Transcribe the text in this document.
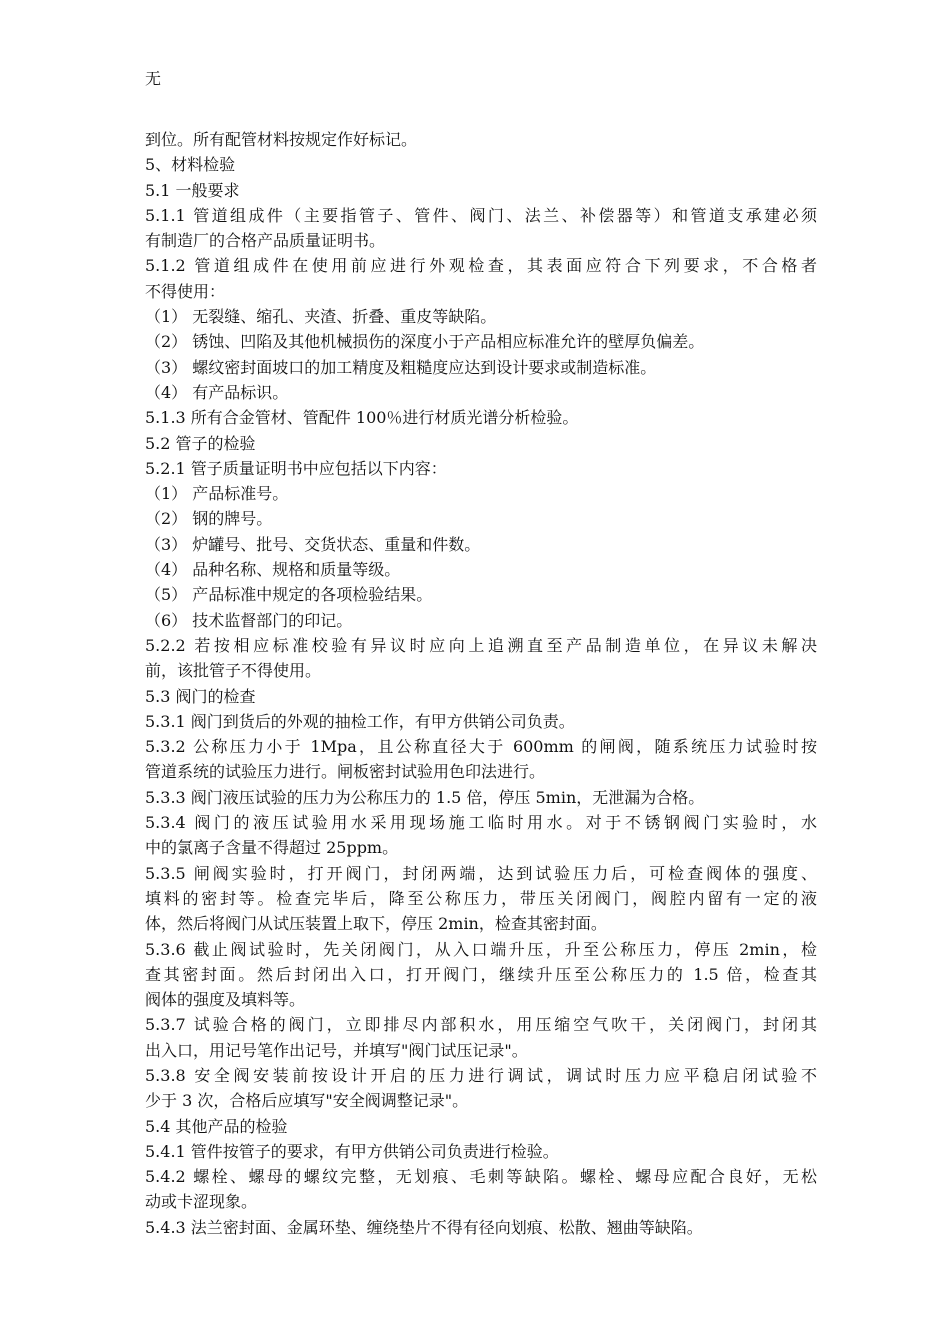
无
到位。所有配管材料按规定作好标记。
5、材料检验
5.1 一般要求
5.1.1 管道组成件（主要指管子、管件、阀门、法兰、补偿器等）和管道支承建必须
有制造厂的合格产品质量证明书。
5.1.2 管道组成件在使用前应进行外观检查，其表面应符合下列要求，不合格者
不得使用：
（1） 无裂缝、缩孔、夹渣、折叠、重皮等缺陷。
（2） 锈蚀、凹陷及其他机械损伤的深度小于产品相应标准允许的壁厚负偏差。
（3） 螺纹密封面坡口的加工精度及粗糙度应达到设计要求或制造标准。
（4） 有产品标识。
5.1.3 所有合金管材、管配件 100％进行材质光谱分析检验。
5.2 管子的检验
5.2.1 管子质量证明书中应包括以下内容：
（1） 产品标准号。
（2） 钢的牌号。
（3） 炉罐号、批号、交货状态、重量和件数。
（4） 品种名称、规格和质量等级。
（5） 产品标准中规定的各项检验结果。
（6） 技术监督部门的印记。
5.2.2 若按相应标准校验有异议时应向上追溯直至产品制造单位，在异议未解决
前，该批管子不得使用。
5.3 阀门的检查
5.3.1 阀门到货后的外观的抽检工作，有甲方供销公司负责。
5.3.2 公称压力小于 1Mpa，且公称直径大于 600mm 的闸阀，随系统压力试验时按
管道系统的试验压力进行。闸板密封试验用色印法进行。
5.3.3 阀门液压试验的压力为公称压力的 1.5 倍，停压 5min，无泄漏为合格。
5.3.4 阀门的液压试验用水采用现场施工临时用水。对于不锈钢阀门实验时，水
中的氯离子含量不得超过 25ppm。
5.3.5 闸阀实验时，打开阀门，封闭两端，达到试验压力后，可检查阀体的强度、
填料的密封等。检查完毕后，降至公称压力，带压关闭阀门，阀腔内留有一定的液
体，然后将阀门从试压装置上取下，停压 2min，检查其密封面。
5.3.6 截止阀试验时，先关闭阀门，从入口端升压，升至公称压力，停压 2min，检
查其密封面。然后封闭出入口，打开阀门，继续升压至公称压力的 1.5 倍，检查其
阀体的强度及填料等。
5.3.7 试验合格的阀门，立即排尽内部积水，用压缩空气吹干，关闭阀门，封闭其
出入口，用记号笔作出记号，并填写"阀门试压记录"。
5.3.8 安全阀安装前按设计开启的压力进行调试，调试时压力应平稳启闭试验不
少于 3 次，合格后应填写"安全阀调整记录"。
5.4 其他产品的检验
5.4.1 管件按管子的要求，有甲方供销公司负责进行检验。
5.4.2 螺栓、螺母的螺纹完整，无划痕、毛刺等缺陷。螺栓、螺母应配合良好，无松
动或卡涩现象。
5.4.3 法兰密封面、金属环垫、缠绕垫片不得有径向划痕、松散、翘曲等缺陷。
